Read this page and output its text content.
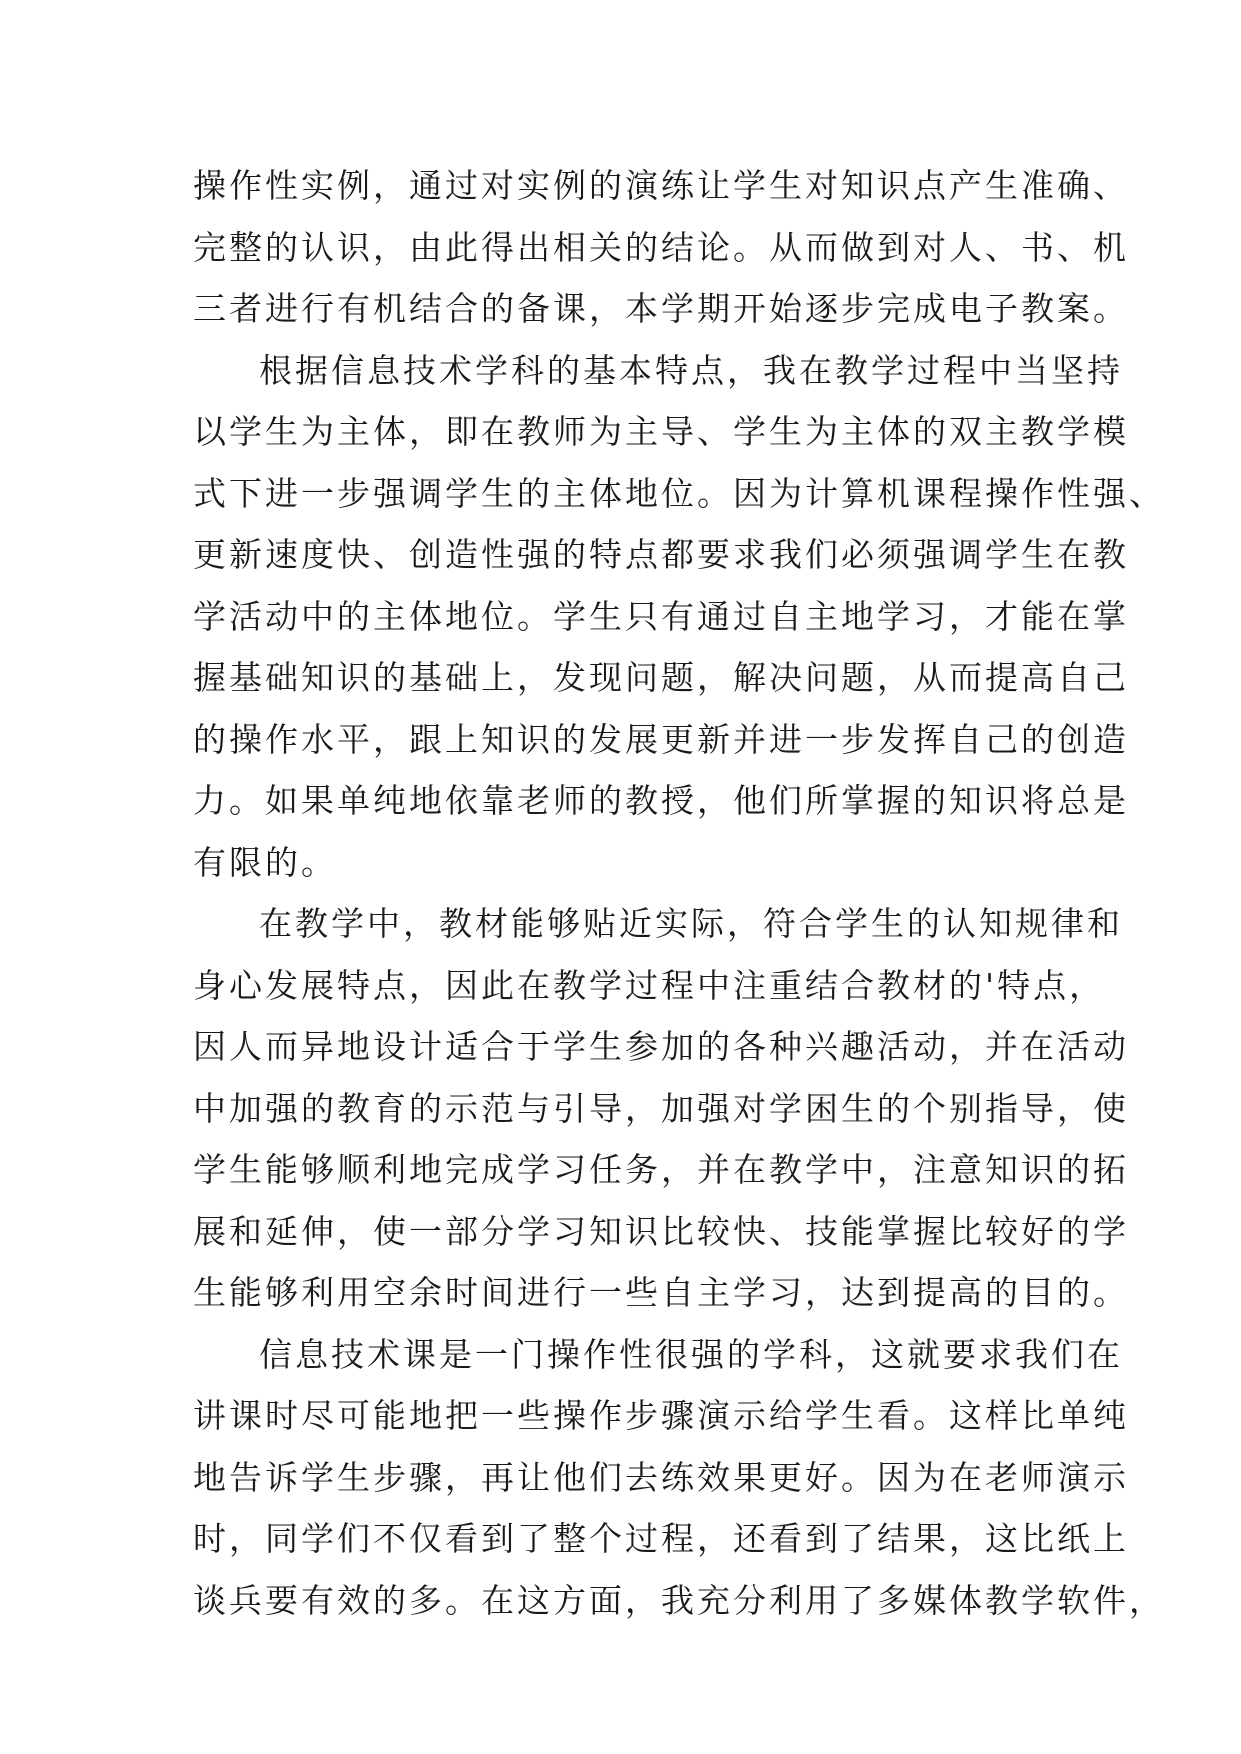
操作性实例，通过对实例的演练让学生对知识点产生准确、
完整的认识，由此得出相关的结论。从而做到对人、书、机
三者进行有机结合的备课，本学期开始逐步完成电子教案。
根据信息技术学科的基本特点，我在教学过程中当坚持
以学生为主体，即在教师为主导、学生为主体的双主教学模
式下进一步强调学生的主体地位。因为计算机课程操作性强、
更新速度快、创造性强的特点都要求我们必须强调学生在教
学活动中的主体地位。学生只有通过自主地学习，才能在掌
握基础知识的基础上，发现问题，解决问题，从而提高自己
的操作水平，跟上知识的发展更新并进一步发挥自己的创造
力。如果单纯地依靠老师的教授，他们所掌握的知识将总是
有限的。
在教学中，教材能够贴近实际，符合学生的认知规律和
身心发展特点，因此在教学过程中注重结合教材的'特点，
因人而异地设计适合于学生参加的各种兴趣活动，并在活动
中加强的教育的示范与引导，加强对学困生的个别指导，使
学生能够顺利地完成学习任务，并在教学中，注意知识的拓
展和延伸，使一部分学习知识比较快、技能掌握比较好的学
生能够利用空余时间进行一些自主学习，达到提高的目的。
信息技术课是一门操作性很强的学科，这就要求我们在
讲课时尽可能地把一些操作步骤演示给学生看。这样比单纯
地告诉学生步骤，再让他们去练效果更好。因为在老师演示
时，同学们不仅看到了整个过程，还看到了结果，这比纸上
谈兵要有效的多。在这方面，我充分利用了多媒体教学软件，
